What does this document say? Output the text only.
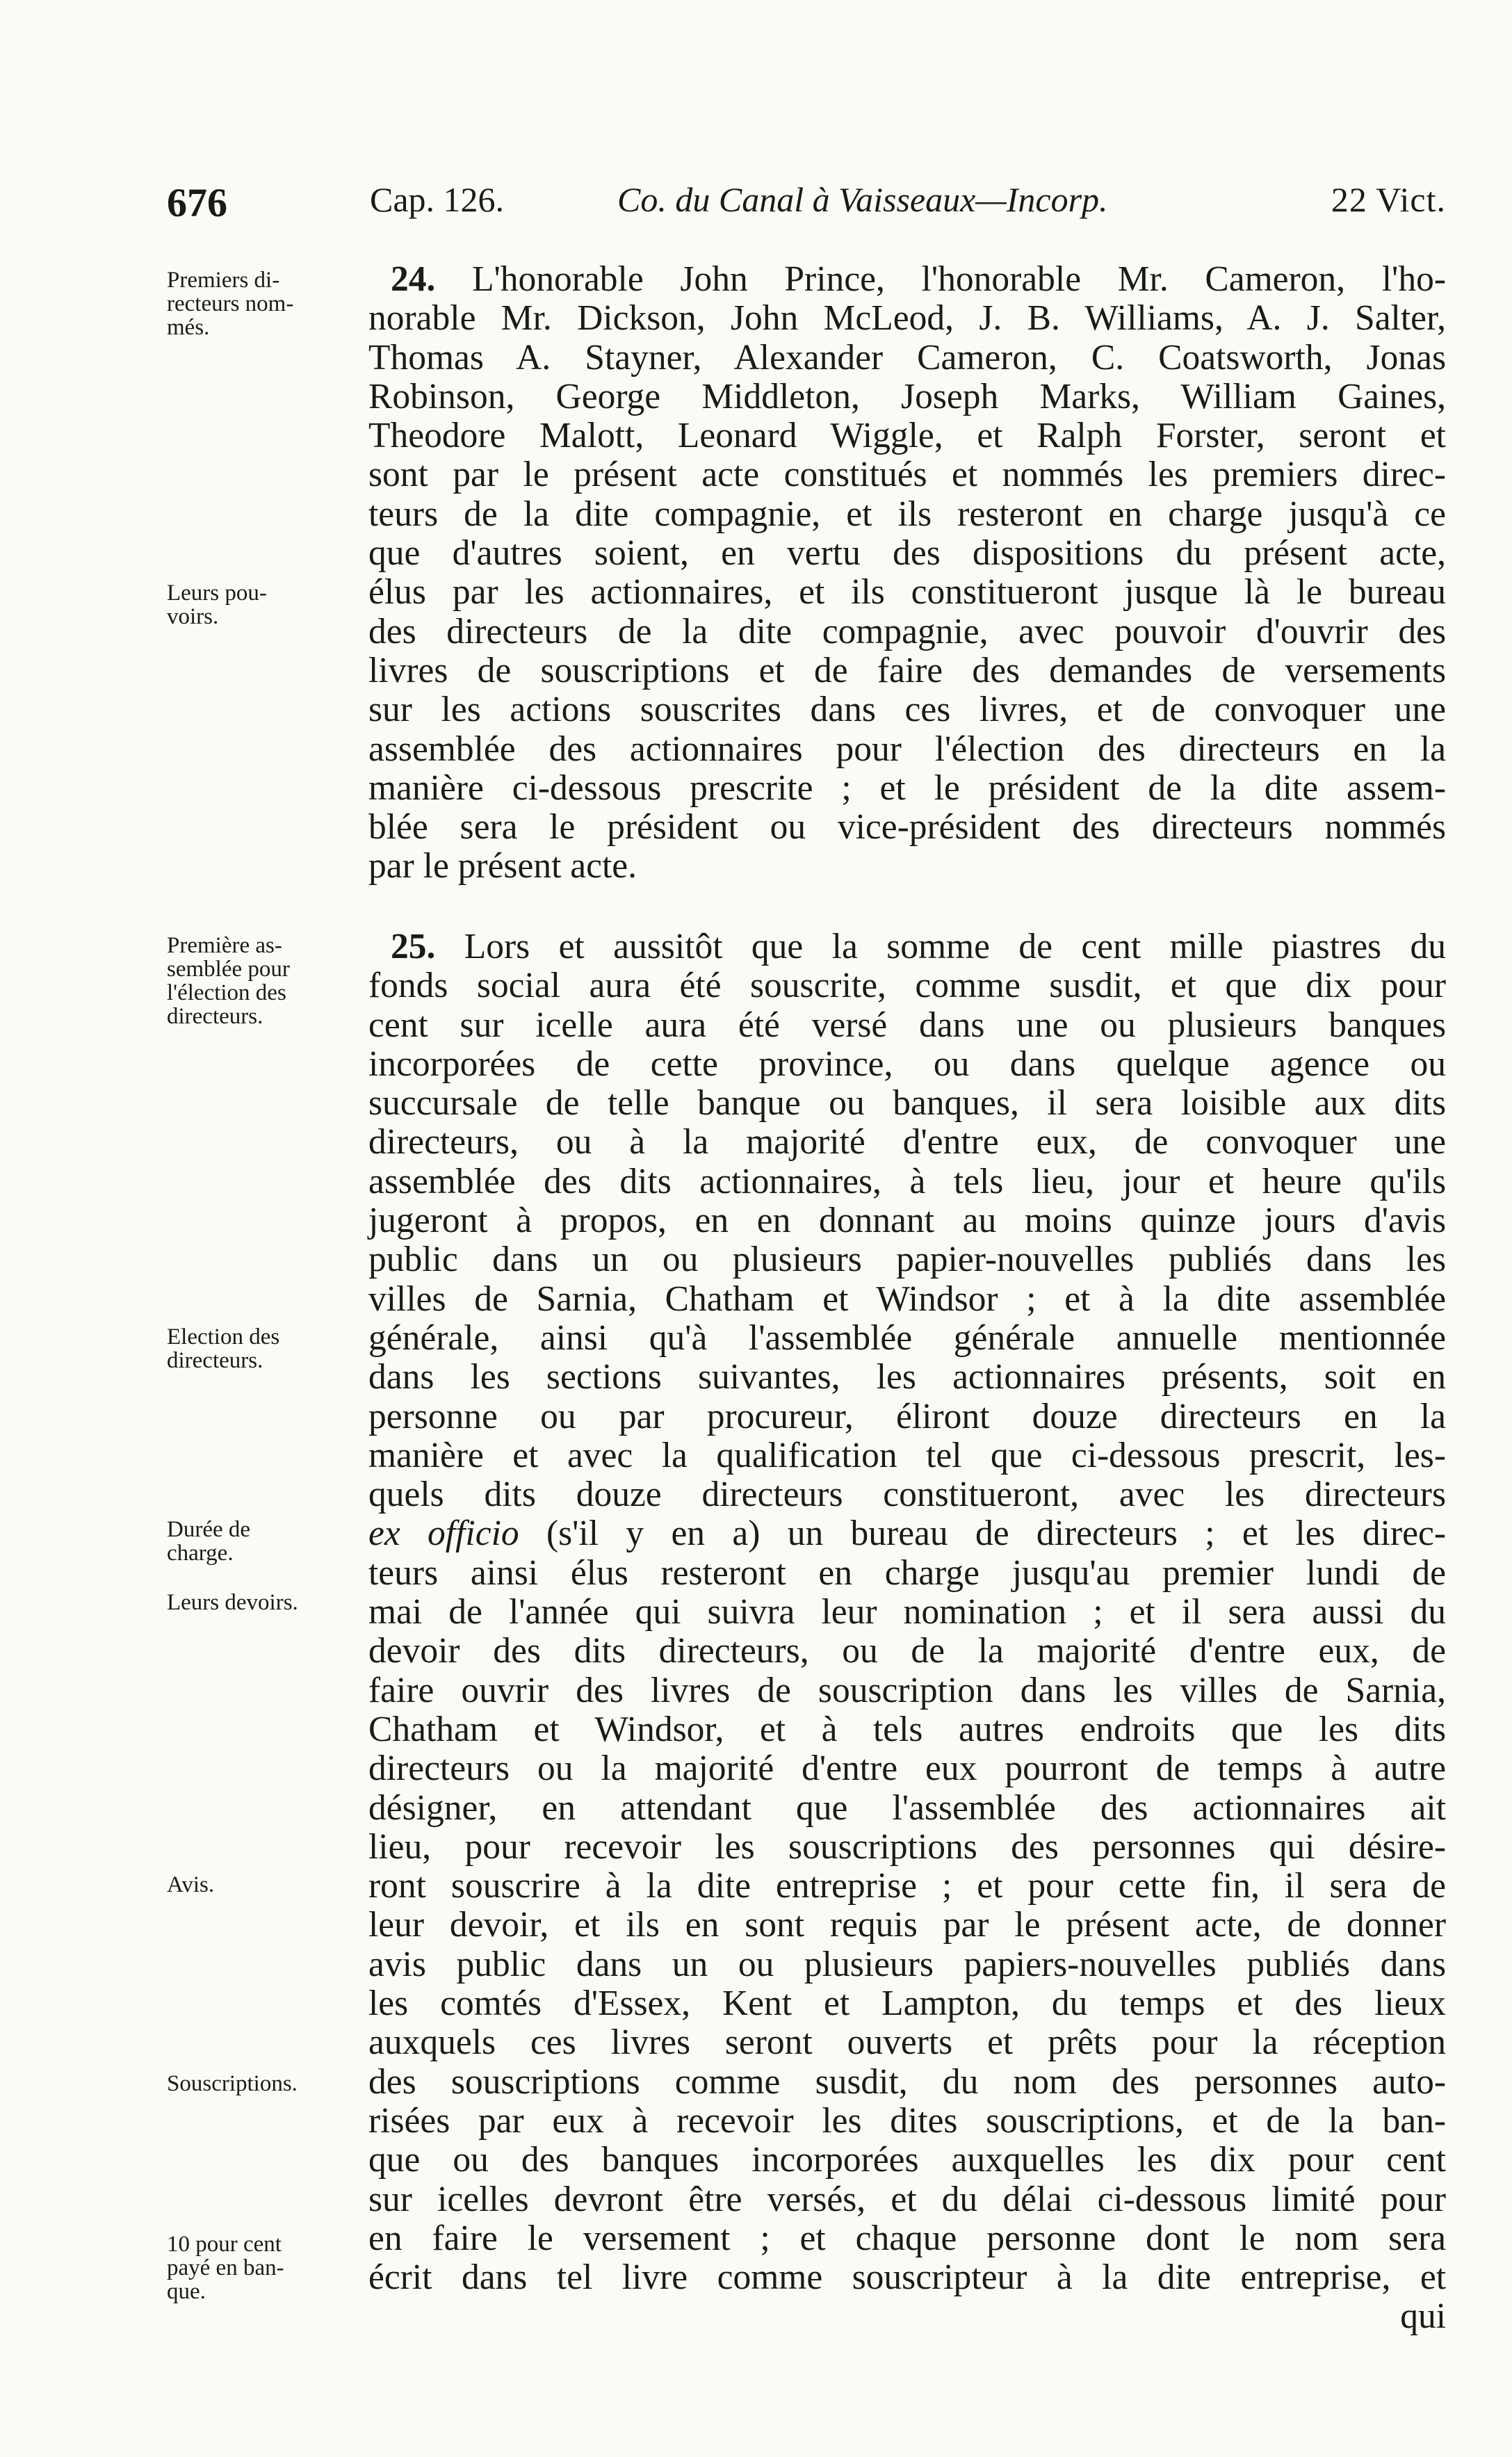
676	Cap. 126.	Co. du Canal à Vaisseaux—Incorp.	22 Vict.
Premiers di-
recteurs nom-
més.
Leurs pou-
voirs.
Première as-
semblée pour
l'élection des
directeurs.
Election des
directeurs.
Durée de
charge.
Leurs devoirs.
Avis.
Souscriptions.
10 pour cent
payé en ban-
que.
24. L'honorable John Prince, l'honorable Mr. Cameron, l'ho-
norable Mr. Dickson, John McLeod, J. B. Williams, A. J. Salter,
Thomas A. Stayner, Alexander Cameron, C. Coatsworth, Jonas
Robinson, George Middleton, Joseph Marks, William Gaines,
Theodore Malott, Leonard Wiggle, et Ralph Forster, seront et
sont par le présent acte constitués et nommés les premiers direc-
teurs de la dite compagnie, et ils resteront en charge jusqu'à ce
que d'autres soient, en vertu des dispositions du présent acte,
élus par les actionnaires, et ils constitueront jusque là le bureau
des directeurs de la dite compagnie, avec pouvoir d'ouvrir des
livres de souscriptions et de faire des demandes de versements
sur les actions souscrites dans ces livres, et de convoquer une
assemblée des actionnaires pour l'élection des directeurs en la
manière ci-dessous prescrite ; et le président de la dite assem-
blée sera le président ou vice-président des directeurs nommés
par le présent acte.
25. Lors et aussitôt que la somme de cent mille piastres du
fonds social aura été souscrite, comme susdit, et que dix pour
cent sur icelle aura été versé dans une ou plusieurs banques
incorporées de cette province, ou dans quelque agence ou
succursale de telle banque ou banques, il sera loisible aux dits
directeurs, ou à la majorité d'entre eux, de convoquer une
assemblée des dits actionnaires, à tels lieu, jour et heure qu'ils
jugeront à propos, en en donnant au moins quinze jours d'avis
public dans un ou plusieurs papier-nouvelles publiés dans les
villes de Sarnia, Chatham et Windsor ; et à la dite assemblée
générale, ainsi qu'à l'assemblée générale annuelle mentionnée
dans les sections suivantes, les actionnaires présents, soit en
personne ou par procureur, éliront douze directeurs en la
manière et avec la qualification tel que ci-dessous prescrit, les-
quels dits douze directeurs constitueront, avec les directeurs
ex officio (s'il y en a) un bureau de directeurs ; et les direc-
teurs ainsi élus resteront en charge jusqu'au premier lundi de
mai de l'année qui suivra leur nomination ; et il sera aussi du
devoir des dits directeurs, ou de la majorité d'entre eux, de
faire ouvrir des livres de souscription dans les villes de Sarnia,
Chatham et Windsor, et à tels autres endroits que les dits
directeurs ou la majorité d'entre eux pourront de temps à autre
désigner, en attendant que l'assemblée des actionnaires ait
lieu, pour recevoir les souscriptions des personnes qui désire-
ront souscrire à la dite entreprise ; et pour cette fin, il sera de
leur devoir, et ils en sont requis par le présent acte, de donner
avis public dans un ou plusieurs papiers-nouvelles publiés dans
les comtés d'Essex, Kent et Lampton, du temps et des lieux
auxquels ces livres seront ouverts et prêts pour la réception
des souscriptions comme susdit, du nom des personnes auto-
risées par eux à recevoir les dites souscriptions, et de la ban-
que ou des banques incorporées auxquelles les dix pour cent
sur icelles devront être versés, et du délai ci-dessous limité pour
en faire le versement ; et chaque personne dont le nom sera
écrit dans tel livre comme souscripteur à la dite entreprise, et
qui
